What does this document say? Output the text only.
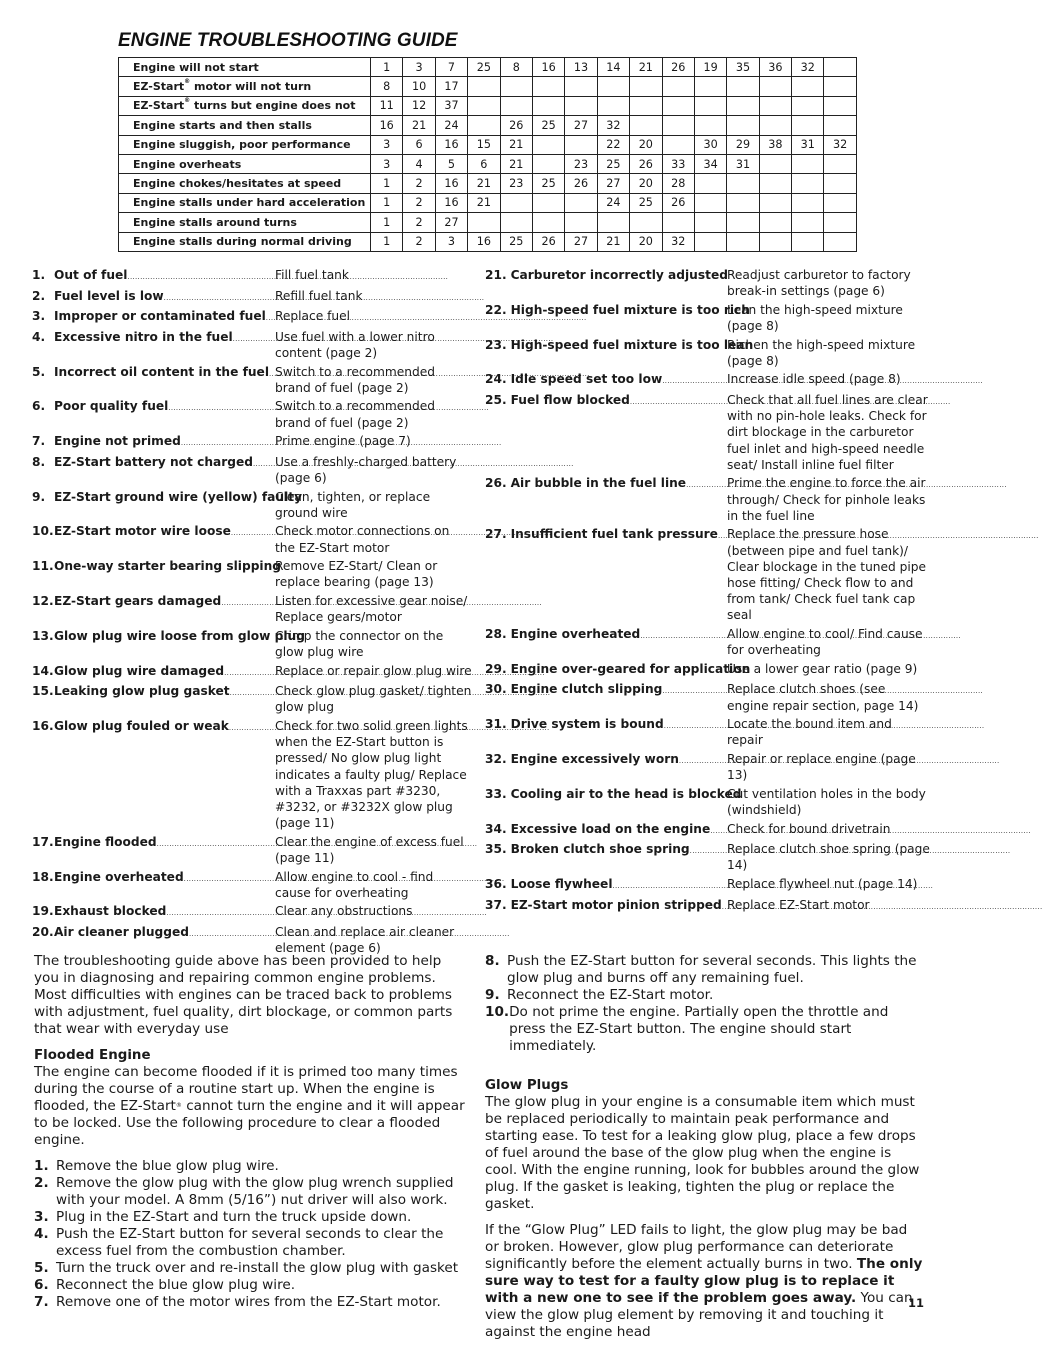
ENGINE TROUBLESHOOTING GUIDE
Engine will not start	1	3	7	25	8	16	13	14	21	26	19	35	36	32	
EZ-Start® motor will not turn	8	10	17												
EZ-Start® turns but engine does not	11	12	37												
Engine starts and then stalls	16	21	24		26	25	27	32							
Engine sluggish, poor performance	3	6	16	15	21			22	20		30	29	38	31	32
Engine overheats	3	4	5	6	21		23	25	26	33	34	31			
Engine chokes/hesitates at speed	1	2	16	21	23	25	26	27	20	28					
Engine stalls under hard acceleration	1	2	16	21				24	25	26					
Engine stalls around turns	1	2	27												
Engine stalls during normal driving	1	2	3	16	25	26	27	21	20	32					
1. Out of fuel .....	Fill fuel tank
2. Fuel level is low .....	Refill fuel tank
3. Improper or contaminated fuel ..... Replace fuel
4. Excessive nitro in the fuel .....	Use fuel with a lower nitro content (page 2)
5. Incorrect oil content in the fuel ..... Switch to a recommended brand of fuel (page 2)
6. Poor quality fuel .....	Switch to a recommended brand of fuel (page 2)
7. Engine not primed .....	Prime engine (page 7)
8. EZ-Start battery not charged ..... Use a freshly-charged battery (page 6)
9. EZ-Start ground wire (yellow) faulty
Clean, tighten, or replace ground wire
10. EZ-Start motor wire loose .....	Check motor connections on the EZ-Start motor
11. One-way starter bearing slipping
Remove EZ-Start/ Clean or replace bearing (page 13)
12. EZ-Start gears damaged .....	Listen for excessive gear noise/ Replace gears/motor
13. Glow plug wire loose from glow plug
Crimp the connector on the glow plug wire
14. Glow plug wire damaged .....	Replace or repair glow plug wire
15. Leaking glow plug gasket .....	Check glow plug gasket/ tighten glow plug
16. Glow plug fouled or weak .....	Check for two solid green lights when the EZ-Start button is pressed/ No glow plug light indicates a faulty plug/ Replace with a Traxxas part #3230, #3232, or #3232X glow plug (page 11)
17. Engine flooded .....	Clear the engine of excess fuel (page 11)
18. Engine overheated .....	Allow engine to cool - find cause for overheating
19. Exhaust blocked .....	Clear any obstructions
20. Air cleaner plugged .....	Clean and replace air cleaner element (page 6)
21. Carburetor incorrectly adjusted Readjust carburetor to factory break-in settings (page 6)
22. High-speed fuel mixture is too rich
Lean the high-speed mixture (page 8)
23. High-speed fuel mixture is too lean
Richen the high-speed mixture (page 8)
24. Idle speed set too low .....	Increase idle speed (page 8)
25. Fuel flow blocked .....	Check that all fuel lines are clear with no pin-hole leaks. Check for dirt blockage in the carburetor fuel inlet and high-speed needle seat/ Install inline fuel filter
26. Air bubble in the fuel line .....	Prime the engine to force the air through/ Check for pinhole leaks in the fuel line
27. Insufficient fuel tank pressure ..... Replace the pressure hose (between pipe and fuel tank)/ Clear blockage in the tuned pipe hose fitting/ Check flow to and from tank/ Check fuel tank cap seal
28. Engine overheated .....	Allow engine to cool/ Find cause for overheating
29. Engine over-geared for application
Use a lower gear ratio (page 9)
30. Engine clutch slipping .....	Replace clutch shoes (see engine repair section, page 14)
31. Drive system is bound .....	Locate the bound item and repair
32. Engine excessively worn .....	Repair or replace engine (page 13)
33. Cooling air to the head is blocked
Cut ventilation holes in the body (windshield)
34. Excessive load on the engine ..... Check for bound drivetrain
35. Broken clutch shoe spring .....	Replace clutch shoe spring (page 14)
36. Loose flywheel .....	Replace flywheel nut (page 14)
37. EZ-Start motor pinion stripped ..... Replace EZ-Start motor

The troubleshooting guide above has been provided to help you in diagnosing and repairing common engine problems. Most difficulties with engines can be traced back to problems with adjustment, fuel quality, dirt blockage, or common parts that wear with everyday use

Flooded Engine

The engine can become flooded if it is primed too many times during the course of a routine start up. When the engine is flooded, the EZ-Start® cannot turn the engine and it will appear to be locked. Use the following procedure to clear a flooded engine.

1. Remove the blue glow plug wire.
2. Remove the glow plug with the glow plug wrench supplied with your model. A 8mm (5/16”) nut driver will also work.
3. Plug in the EZ-Start and turn the truck upside down.
4. Push the EZ-Start button for several seconds to clear the excess fuel from the combustion chamber.
5. Turn the truck over and re-install the glow plug with gasket
6. Reconnect the blue glow plug wire.
7. Remove one of the motor wires from the EZ-Start motor.
8. Push the EZ-Start button for several seconds. This lights the glow plug and burns off any remaining fuel.
9. Reconnect the EZ-Start motor.
10. Do not prime the engine. Partially open the throttle and press the EZ-Start button. The engine should start immediately.
Glow Plugs

The glow plug in your engine is a consumable item which must be replaced periodically to maintain peak performance and starting ease. To test for a leaking glow plug, place a few drops of fuel around the base of the glow plug when the engine is cool. With the engine running, look for bubbles around the glow plug. If the gasket is leaking, tighten the plug or replace the gasket.

If the “Glow Plug” LED fails to light, the glow plug may be bad or broken. However, glow plug performance can deteriorate significantly before the element actually burns in two. The only sure way to test for a faulty glow plug is to replace it with a new one to see if the problem goes away. You can view the glow plug element by removing it and touching it against the engine head

11
